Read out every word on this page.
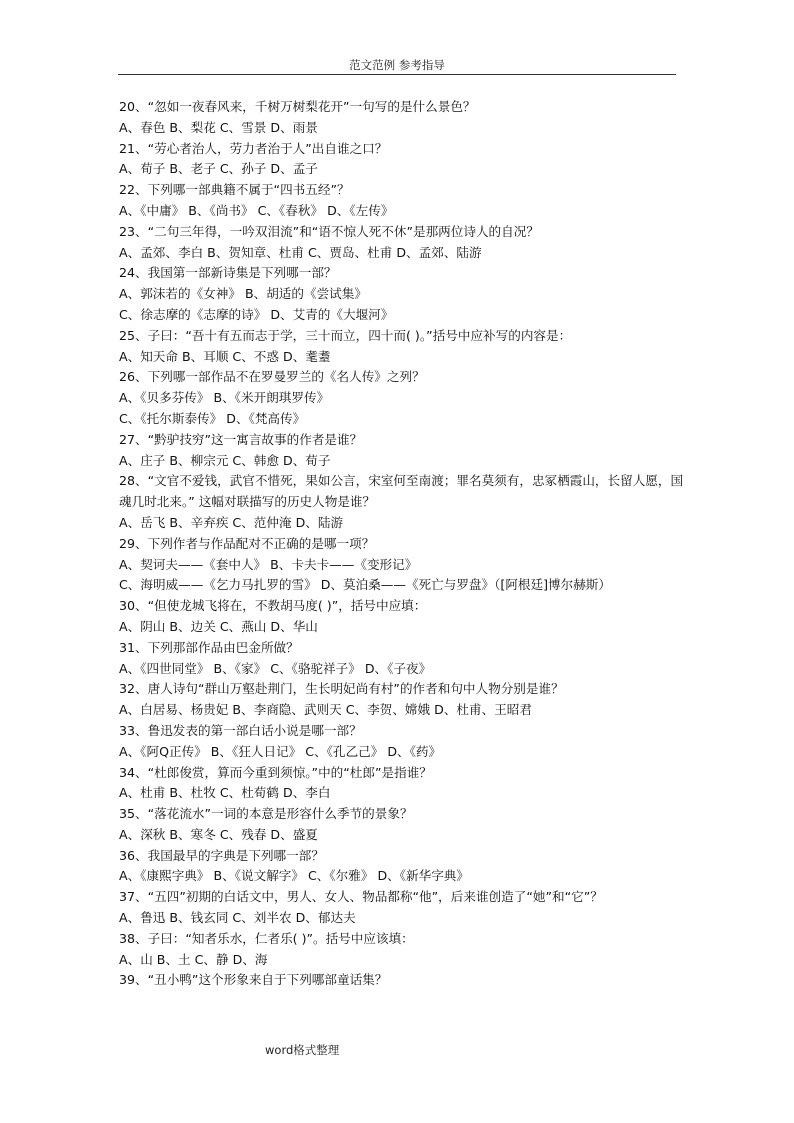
范文范例 参考指导
20、“忽如一夜春风来，千树万树梨花开”一句写的是什么景色？
A、春色 B、梨花 C、雪景 D、雨景
21、“劳心者治人，劳力者治于人”出自谁之口？
A、荀子 B、老子 C、孙子 D、孟子
22、下列哪一部典籍不属于“四书五经”？
A、《中庸》 B、《尚书》 C、《春秋》 D、《左传》
23、“二句三年得，一吟双泪流”和“语不惊人死不休”是那两位诗人的自况？
A、孟郊、李白 B、贺知章、杜甫 C、贾岛、杜甫 D、孟郊、陆游
24、我国第一部新诗集是下列哪一部？
A、郭沫若的《女神》 B、胡适的《尝试集》
C、徐志摩的《志摩的诗》 D、艾青的《大堰河》
25、子曰：“吾十有五而志于学，三十而立，四十而( )。”括号中应补写的内容是：
A、知天命 B、耳顺 C、不惑 D、耄耋
26、下列哪一部作品不在罗曼罗兰的《名人传》之列？
A、《贝多芬传》 B、《米开朗琪罗传》
C、《托尔斯泰传》 D、《梵高传》
27、“黔驴技穷”这一寓言故事的作者是谁？
A、庄子 B、柳宗元 C、韩愈 D、荀子
28、“文官不爱钱，武官不惜死，果如公言，宋室何至南渡；罪名莫须有，忠冢栖霞山，长留人愿，国魂几时北来。” 这幅对联描写的历史人物是谁？
A、岳飞 B、辛弃疾 C、范仲淹 D、陆游
29、下列作者与作品配对不正确的是哪一项？
A、契诃夫——《套中人》 B、卡夫卡——《变形记》
C、海明威——《乞力马扎罗的雪》 D、莫泊桑——《死亡与罗盘》（[阿根廷]博尔赫斯）
30、“但使龙城飞将在，不教胡马度( )”，括号中应填：
A、阴山 B、边关 C、燕山 D、华山
31、下列那部作品由巴金所做？
A、《四世同堂》 B、《家》 C、《骆驼祥子》 D、《子夜》
32、唐人诗句“群山万壑赴荆门，生长明妃尚有村”的作者和句中人物分别是谁？
A、白居易、杨贵妃 B、李商隐、武则天 C、李贺、嫦娥 D、杜甫、王昭君
33、鲁迅发表的第一部白话小说是哪一部？
A、《阿Q正传》 B、《狂人日记》 C、《孔乙己》 D、《药》
34、“杜郎俊赏，算而今重到须惊。”中的“杜郎”是指谁？
A、杜甫 B、杜牧 C、杜荀鹤 D、李白
35、“落花流水”一词的本意是形容什么季节的景象？
A、深秋 B、寒冬 C、残春 D、盛夏
36、我国最早的字典是下列哪一部？
A、《康熙字典》 B、《说文解字》 C、《尔雅》 D、《新华字典》
37、“五四”初期的白话文中，男人、女人、物品都称“他”，后来谁创造了“她”和“它”？
A、鲁迅 B、钱玄同 C、刘半农 D、郁达夫
38、子曰：“知者乐水，仁者乐( )”。括号中应该填：
A、山 B、土 C、静 D、海
39、“丑小鸭”这个形象来自于下列哪部童话集？
word格式整理
